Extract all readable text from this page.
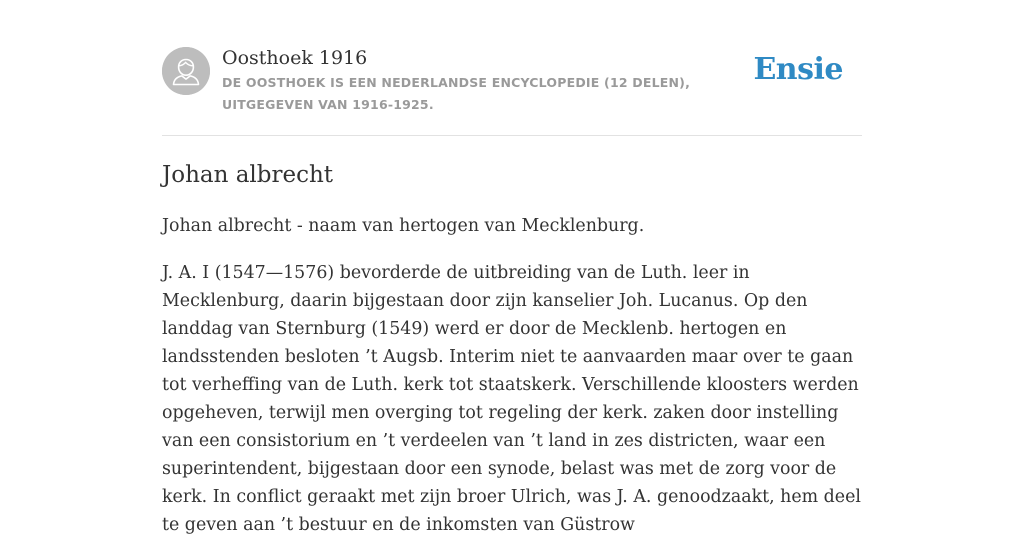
Oosthoek 1916
DE OOSTHOEK IS EEN NEDERLANDSE ENCYCLOPEDIE (12 DELEN), UITGEGEVEN VAN 1916-1925.
Ensie
Johan albrecht

Johan albrecht - naam van hertogen van Mecklenburg.

J. A. I (1547—1576) bevorderde de uitbreiding van de Luth. leer in Mecklenburg, daarin bijgestaan door zijn kanselier Joh. Lucanus. Op den landdag van Sternburg (1549) werd er door de Mecklenb. hertogen en landsstenden besloten ’t Augsb. Interim niet te aanvaarden maar over te gaan tot verheffing van de Luth. kerk tot staatskerk. Verschillende kloosters werden opgeheven, terwijl men overging tot regeling der kerk. zaken door instelling van een consistorium en ’t verdeelen van ’t land in zes districten, waar een superintendent, bijgestaan door een synode, belast was met de zorg voor de kerk. In conflict geraakt met zijn broer Ulrich, was J. A. genoodzaakt, hem deel te geven aan ’t bestuur en de inkomsten van Güstrow
